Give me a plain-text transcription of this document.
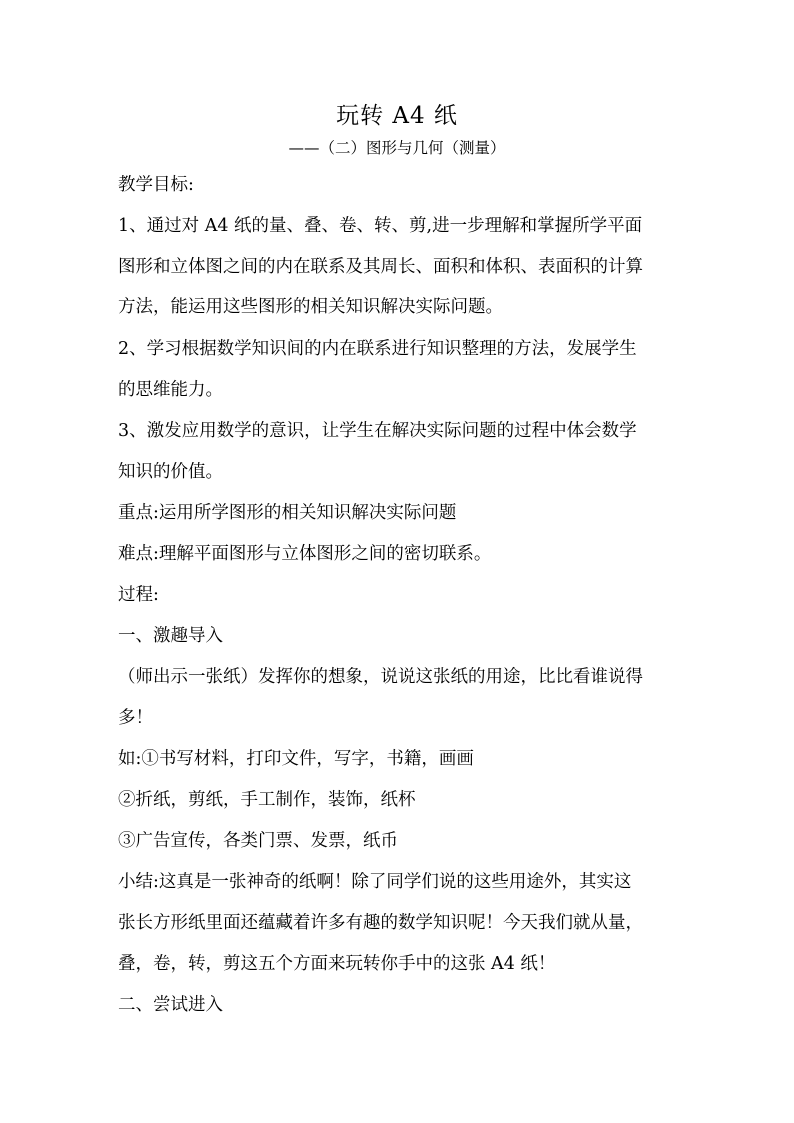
玩转 A4 纸
——（二）图形与几何（测量）

教学目标:

1、通过对 A4 纸的量、叠、卷、转、剪,进一步理解和掌握所学平面

图形和立体图之间的内在联系及其周长、面积和体积、表面积的计算

方法，能运用这些图形的相关知识解决实际问题。

2、学习根据数学知识间的内在联系进行知识整理的方法，发展学生

的思维能力。

3、激发应用数学的意识，让学生在解决实际问题的过程中体会数学

知识的价值。

重点:运用所学图形的相关知识解决实际问题

难点:理解平面图形与立体图形之间的密切联系。

过程:

一、激趣导入

（师出示一张纸）发挥你的想象，说说这张纸的用途，比比看谁说得

多！

如:①书写材料，打印文件，写字，书籍，画画

②折纸，剪纸，手工制作，装饰，纸杯

③广告宣传，各类门票、发票，纸币

小结:这真是一张神奇的纸啊！除了同学们说的这些用途外，其实这

张长方形纸里面还蕴藏着许多有趣的数学知识呢！今天我们就从量，

叠，卷，转，剪这五个方面来玩转你手中的这张 A4 纸！

二、尝试进入
